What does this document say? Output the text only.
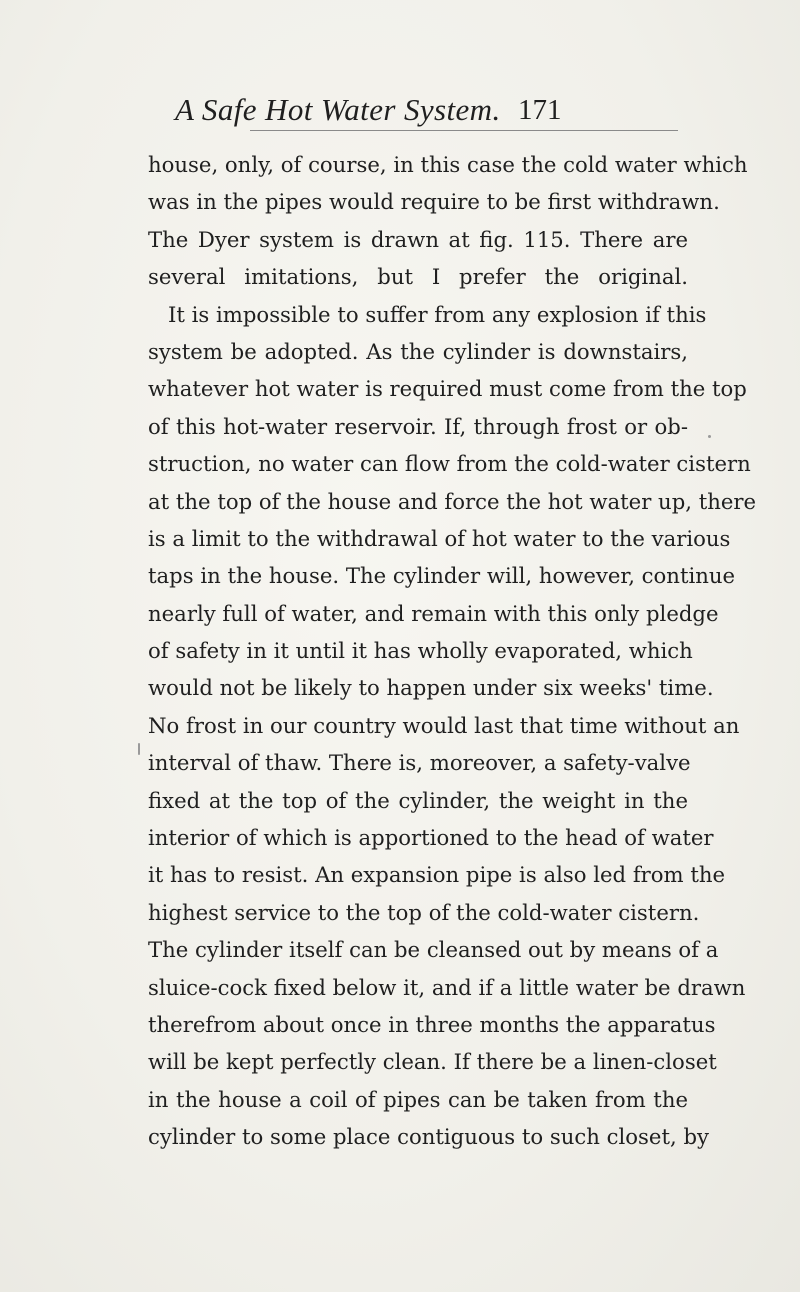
A Safe Hot Water System. 171
house, only, of course, in this case the cold water which
was in the pipes would require to be first withdrawn.
The Dyer system is drawn at fig. 115. There are
several imitations, but I prefer the original.
It is impossible to suffer from any explosion if this
system be adopted. As the cylinder is downstairs,
whatever hot water is required must come from the top
of this hot-water reservoir. If, through frost or ob-
struction, no water can flow from the cold-water cistern
at the top of the house and force the hot water up, there
is a limit to the withdrawal of hot water to the various
taps in the house. The cylinder will, however, continue
nearly full of water, and remain with this only pledge
of safety in it until it has wholly evaporated, which
would not be likely to happen under six weeks' time.
No frost in our country would last that time without an
interval of thaw. There is, moreover, a safety-valve
fixed at the top of the cylinder, the weight in the
interior of which is apportioned to the head of water
it has to resist. An expansion pipe is also led from the
highest service to the top of the cold-water cistern.
The cylinder itself can be cleansed out by means of a
sluice-cock fixed below it, and if a little water be drawn
therefrom about once in three months the apparatus
will be kept perfectly clean. If there be a linen-closet
in the house a coil of pipes can be taken from the
cylinder to some place contiguous to such closet, by
